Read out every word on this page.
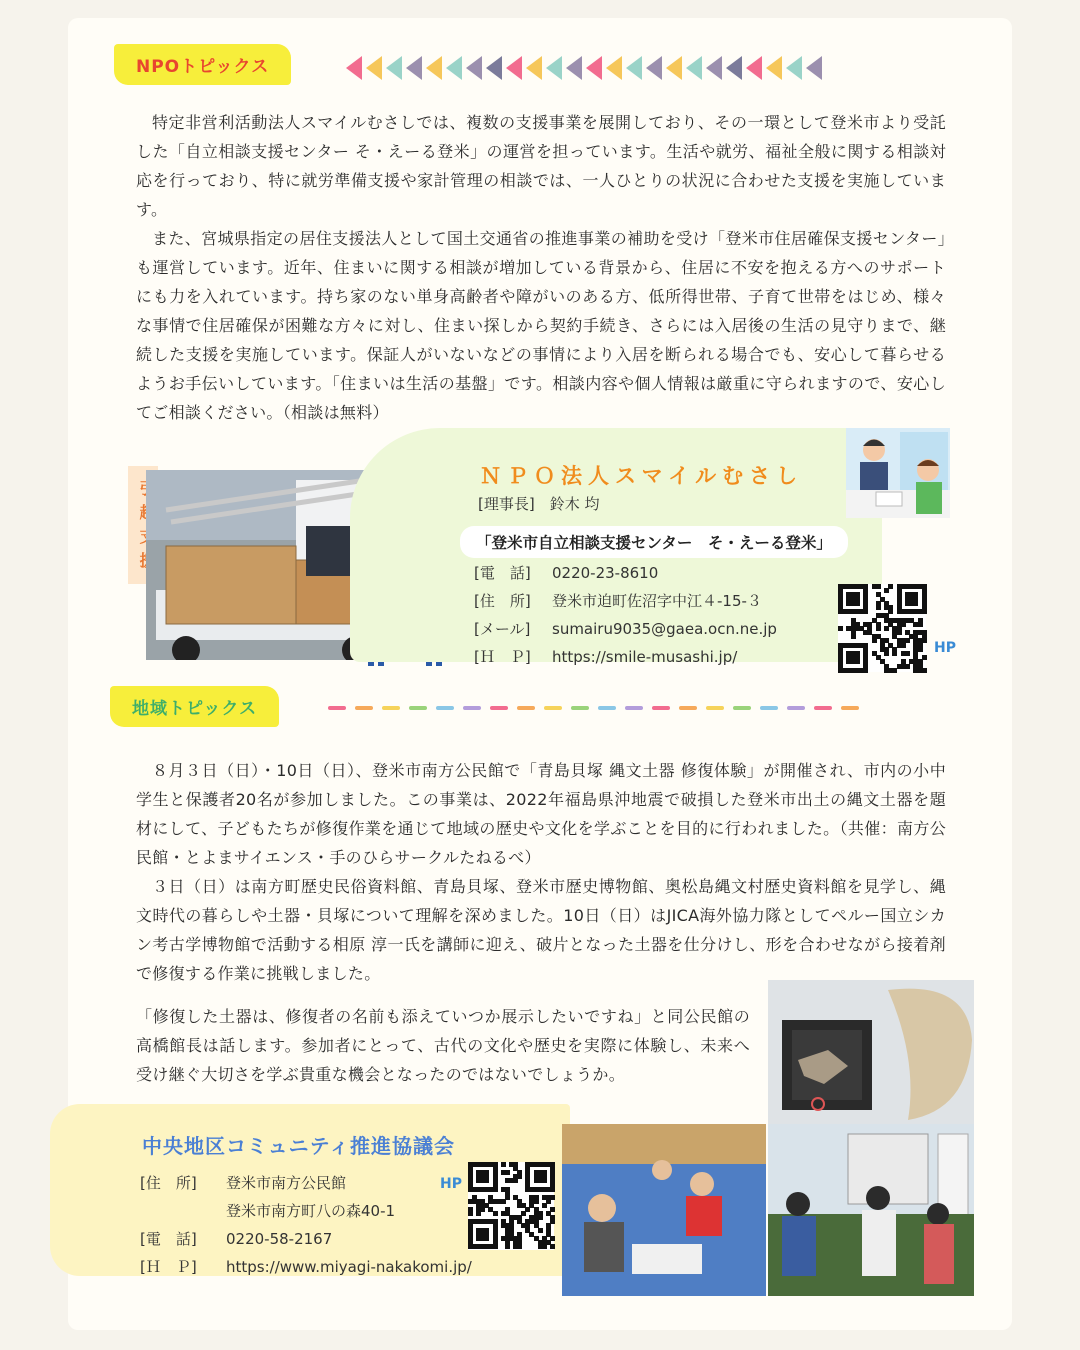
NPOトピックス

特定非営利活動法人スマイルむさしでは、複数の支援事業を展開しており、その一環として登米市より受託した「自立相談支援センター そ・えーる登米」の運営を担っています。生活や就労、福祉全般に関する相談対応を行っており、特に就労準備支援や家計管理の相談では、一人ひとりの状況に合わせた支援を実施しています。

また、宮城県指定の居住支援法人として国土交通省の推進事業の補助を受け「登米市住居確保支援センター」も運営しています。近年、住まいに関する相談が増加している背景から、住居に不安を抱える方へのサポートにも力を入れています。持ち家のない単身高齢者や障がいのある方、低所得世帯、子育て世帯をはじめ、様々な事情で住居確保が困難な方々に対し、住まい探しから契約手続き、さらには入居後の生活の見守りまで、継続した支援を実施しています。保証人がいないなどの事情により入居を断られる場合でも、安心して暮らせるようお手伝いしています。「住まいは生活の基盤」です。相談内容や個人情報は厳重に守られますので、安心してご相談ください。（相談は無料）

ＮＰＯ法人スマイルむさし
[理事長]　鈴木 均
「登米市自立相談支援センター　そ・えーる登米」
[電　話] 0220-23-8610
[住　所] 登米市迫町佐沼字中江４-15-３
[メール] sumairu9035@gaea.ocn.ne.jp
[Ｈ　Ｐ] https://smile-musashi.jp/	HP
地域トピックス

８月３日（日）・10日（日）、登米市南方公民館で「青島貝塚 縄文土器 修復体験」が開催され、市内の小中学生と保護者20名が参加しました。この事業は、2022年福島県沖地震で破損した登米市出土の縄文土器を題材にして、子どもたちが修復作業を通じて地域の歴史や文化を学ぶことを目的に行われました。（共催：南方公民館・とよまサイエンス・手のひらサークルたねるべ）

３日（日）は南方町歴史民俗資料館、青島貝塚、登米市歴史博物館、奥松島縄文村歴史資料館を見学し、縄文時代の暮らしや土器・貝塚について理解を深めました。10日（日）はJICA海外協力隊としてペルー国立シカン考古学博物館で活動する相原 淳一氏を講師に迎え、破片となった土器を仕分けし、形を合わせながら接着剤で修復する作業に挑戦しました。

「修復した土器は、修復者の名前も添えていつか展示したいですね」と同公民館の高橋館長は話します。参加者にとって、古代の文化や歴史を実際に体験し、未来へ受け継ぐ大切さを学ぶ貴重な機会となったのではないでしょうか。

中央地区コミュニティ推進協議会
[住　所] 登米市南方公民館
登米市南方町八の森40-1
[電　話] 0220-58-2167
[Ｈ　Ｐ] https://www.miyagi-nakakomi.jp/
HP
